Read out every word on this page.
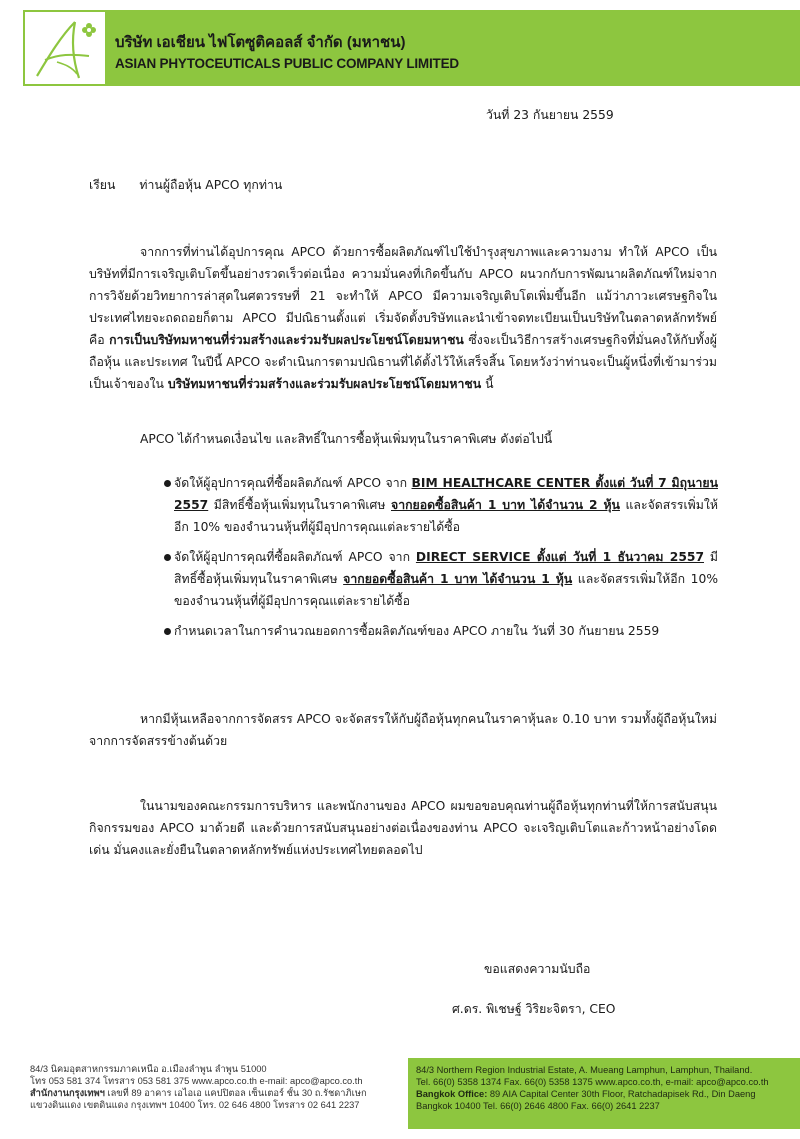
บริษัท เอเชียน ไฟโตซูติคอลส์ จำกัด (มหาชน)
ASIAN PHYTOCEUTICALS PUBLIC COMPANY LIMITED
วันที่ 23 กันยายน 2559
เรียน ท่านผู้ถือหุ้น APCO ทุกท่าน
จากการที่ท่านได้อุปการคุณ APCO ด้วยการซื้อผลิตภัณฑ์ไปใช้บำรุงสุขภาพและความงาม ทำให้ APCO เป็นบริษัทที่มีการเจริญเติบโตขึ้นอย่างรวดเร็วต่อเนื่อง ความมั่นคงที่เกิดขึ้นกับ APCO ผนวกกับการพัฒนาผลิตภัณฑ์ใหม่จากการวิจัยด้วยวิทยาการล่าสุดในศตวรรษที่ 21 จะทำให้ APCO มีความเจริญเติบโตเพิ่มขึ้นอีก แม้ว่าภาวะเศรษฐกิจในประเทศไทยจะถดถอยก็ตาม APCO มีปณิธานตั้งแต่ เริ่มจัดตั้งบริษัทและนำเข้าจดทะเบียนเป็นบริษัทในตลาดหลักทรัพย์ คือ การเป็นบริษัทมหาชนที่ร่วมสร้างและร่วมรับผลประโยชน์โดยมหาชน ซึ่งจะเป็นวิธีการสร้างเศรษฐกิจที่มั่นคงให้กับทั้งผู้ถือหุ้น และประเทศ ในปีนี้ APCO จะดำเนินการตามปณิธานที่ได้ตั้งไว้ให้เสร็จสิ้น โดยหวังว่าท่านจะเป็นผู้หนึ่งที่เข้ามาร่วมเป็นเจ้าของใน บริษัทมหาชนที่ร่วมสร้างและร่วมรับผลประโยชน์โดยมหาชน นี้
APCO ได้กำหนดเงื่อนไข และสิทธิ์ในการซื้อหุ้นเพิ่มทุนในราคาพิเศษ ดังต่อไปนี้
จัดให้ผู้อุปการคุณที่ซื้อผลิตภัณฑ์ APCO จาก BIM HEALTHCARE CENTER ตั้งแต่ วันที่ 7 มิถุนายน 2557 มีสิทธิ์ซื้อหุ้นเพิ่มทุนในราคาพิเศษ จากยอดซื้อสินค้า 1 บาท ได้จำนวน 2 หุ้น และจัดสรรเพิ่มให้อีก 10% ของจำนวนหุ้นที่ผู้มีอุปการคุณแต่ละรายได้ซื้อ
จัดให้ผู้อุปการคุณที่ซื้อผลิตภัณฑ์ APCO จาก DIRECT SERVICE ตั้งแต่ วันที่ 1 ธันวาคม 2557 มีสิทธิ์ซื้อหุ้นเพิ่มทุนในราคาพิเศษ จากยอดซื้อสินค้า 1 บาท ได้จำนวน 1 หุ้น และจัดสรรเพิ่มให้อีก 10% ของจำนวนหุ้นที่ผู้มีอุปการคุณแต่ละรายได้ซื้อ
กำหนดเวลาในการคำนวณยอดการซื้อผลิตภัณฑ์ของ APCO ภายใน วันที่ 30 กันยายน 2559
หากมีหุ้นเหลือจากการจัดสรร APCO จะจัดสรรให้กับผู้ถือหุ้นทุกคนในราคาหุ้นละ 0.10 บาท รวมทั้งผู้ถือหุ้นใหม่จากการจัดสรรข้างต้นด้วย
ในนามของคณะกรรมการบริหาร และพนักงานของ APCO ผมขอขอบคุณท่านผู้ถือหุ้นทุกท่านที่ให้การสนับสนุนกิจกรรมของ APCO มาด้วยดี และด้วยการสนับสนุนอย่างต่อเนื่องของท่าน APCO จะเจริญเติบโตและก้าวหน้าอย่างโดดเด่น มั่นคงและยั่งยืนในตลาดหลักทรัพย์แห่งประเทศไทยตลอดไป
ขอแสดงความนับถือ
ศ.ดร. พิเชษฐ์ วิริยะจิตรา, CEO
84/3 นิคมอุตสาหกรรมภาคเหนือ อ.เมืองลำพูน ลำพูน 51000
โทร 053 581 374 โทรสาร 053 581 375 www.apco.co.th e-mail: apco@apco.co.th
สำนักงานกรุงเทพฯ เลขที่ 89 อาคาร เอไอเอ แคปปิตอล เซ็นเตอร์ ชั้น 30 ถ.รัชดาภิเษก
แขวงดินแดง เขตดินแดง กรุงเทพฯ 10400 โทร. 02 646 4800 โทรสาร 02 641 2237
84/3 Northern Region Industrial Estate, A. Mueang Lamphun, Lamphun, Thailand.
Tel. 66(0) 5358 1374 Fax. 66(0) 5358 1375 www.apco.co.th, e-mail: apco@apco.co.th
Bangkok Office: 89 AIA Capital Center 30th Floor, Ratchadapisek Rd., Din Daeng
Bangkok 10400 Tel. 66(0) 2646 4800 Fax. 66(0) 2641 2237
